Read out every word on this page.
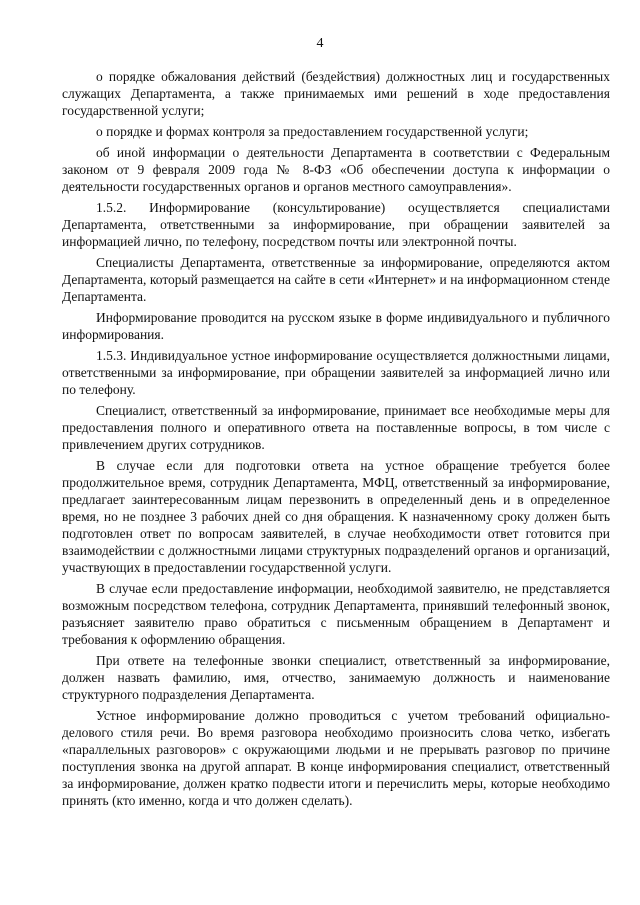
4

о порядке обжалования действий (бездействия) должностных лиц и государственных служащих Департамента, а также принимаемых ими решений в ходе предоставления государственной услуги;

о порядке и формах контроля за предоставлением государственной услуги;

об иной информации о деятельности Департамента в соответствии с Федеральным законом от 9 февраля 2009 года № 8-ФЗ «Об обеспечении доступа к информации о деятельности государственных органов и органов местного самоуправления».

1.5.2. Информирование (консультирование) осуществляется специалистами Департамента, ответственными за информирование, при обращении заявителей за информацией лично, по телефону, посредством почты или электронной почты.

Специалисты Департамента, ответственные за информирование, определяются актом Департамента, который размещается на сайте в сети «Интернет» и на информационном стенде Департамента.

Информирование проводится на русском языке в форме индивидуального и публичного информирования.

1.5.3. Индивидуальное устное информирование осуществляется должностными лицами, ответственными за информирование, при обращении заявителей за информацией лично или по телефону.

Специалист, ответственный за информирование, принимает все необходимые меры для предоставления полного и оперативного ответа на поставленные вопросы, в том числе с привлечением других сотрудников.

В случае если для подготовки ответа на устное обращение требуется более продолжительное время, сотрудник Департамента, МФЦ, ответственный за информирование, предлагает заинтересованным лицам перезвонить в определенный день и в определенное время, но не позднее 3 рабочих дней со дня обращения. К назначенному сроку должен быть подготовлен ответ по вопросам заявителей, в случае необходимости ответ готовится при взаимодействии с должностными лицами структурных подразделений органов и организаций, участвующих в предоставлении государственной услуги.

В случае если предоставление информации, необходимой заявителю, не представляется возможным посредством телефона, сотрудник Департамента, принявший телефонный звонок, разъясняет заявителю право обратиться с письменным обращением в Департамент и требования к оформлению обращения.

При ответе на телефонные звонки специалист, ответственный за информирование, должен назвать фамилию, имя, отчество, занимаемую должность и наименование структурного подразделения Департамента.

Устное информирование должно проводиться с учетом требований официально-делового стиля речи. Во время разговора необходимо произносить слова четко, избегать «параллельных разговоров» с окружающими людьми и не прерывать разговор по причине поступления звонка на другой аппарат. В конце информирования специалист, ответственный за информирование, должен кратко подвести итоги и перечислить меры, которые необходимо принять (кто именно, когда и что должен сделать).
